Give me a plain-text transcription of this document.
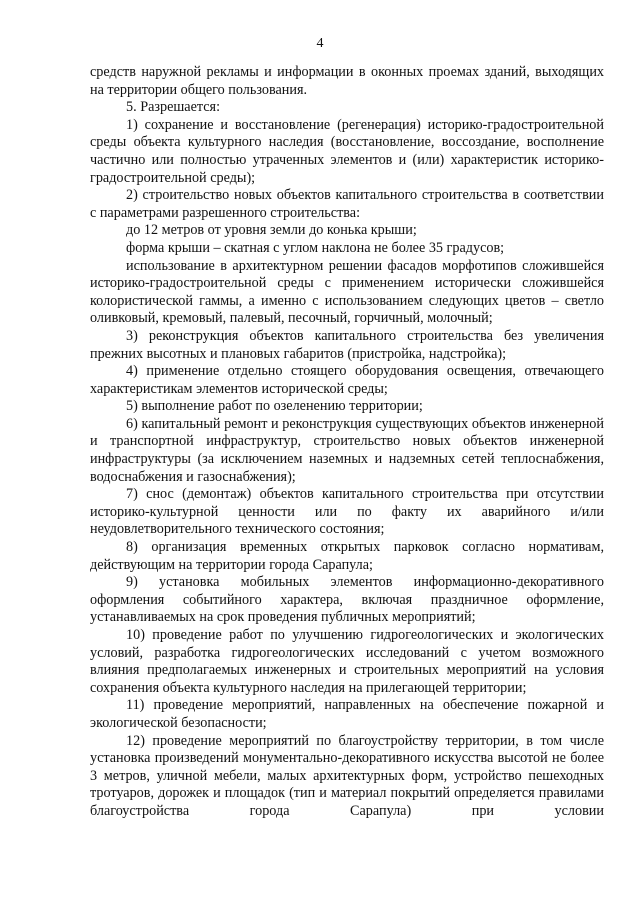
4

средств наружной рекламы и информации в оконных проемах зданий, выходящих на территории общего пользования.

5. Разрешается:

1) сохранение и восстановление (регенерация) историко-градостроительной среды объекта культурного наследия (восстановление, воссоздание, восполнение частично или полностью утраченных элементов и (или) характеристик историко-градостроительной среды);

2) строительство новых объектов капитального строительства в соответствии с параметрами разрешенного строительства:

до 12 метров от уровня земли до конька крыши;

форма крыши – скатная с углом наклона не более 35 градусов;

использование в архитектурном решении фасадов морфотипов сложившейся историко-градостроительной среды с применением исторически сложившейся колористической гаммы, а именно с использованием следующих цветов – светло оливковый, кремовый, палевый, песочный, горчичный, молочный;

3) реконструкция объектов капитального строительства без увеличения прежних высотных и плановых габаритов (пристройка, надстройка);

4) применение отдельно стоящего оборудования освещения, отвечающего характеристикам элементов исторической среды;

5) выполнение работ по озеленению территории;

6) капитальный ремонт и реконструкция существующих объектов инженерной и транспортной инфраструктур, строительство новых объектов инженерной инфраструктуры (за исключением наземных и надземных сетей теплоснабжения, водоснабжения и газоснабжения);

7) снос (демонтаж) объектов капитального строительства при отсутствии историко-культурной ценности или по факту их аварийного и/или неудовлетворительного технического состояния;

8) организация временных открытых парковок согласно нормативам, действующим на территории города Сарапула;

9) установка мобильных элементов информационно-декоративного оформления событийного характера, включая праздничное оформление, устанавливаемых на срок проведения публичных мероприятий;

10) проведение работ по улучшению гидрогеологических и экологических условий, разработка гидрогеологических исследований с учетом возможного влияния предполагаемых инженерных и строительных мероприятий на условия сохранения объекта культурного наследия на прилегающей территории;

11) проведение мероприятий, направленных на обеспечение пожарной и экологической безопасности;

12) проведение мероприятий по благоустройству территории, в том числе установка произведений монументально-декоративного искусства высотой не более 3 метров, уличной мебели, малых архитектурных форм, устройство пешеходных тротуаров, дорожек и площадок (тип и материал покрытий определяется правилами благоустройства города Сарапула) при условии
